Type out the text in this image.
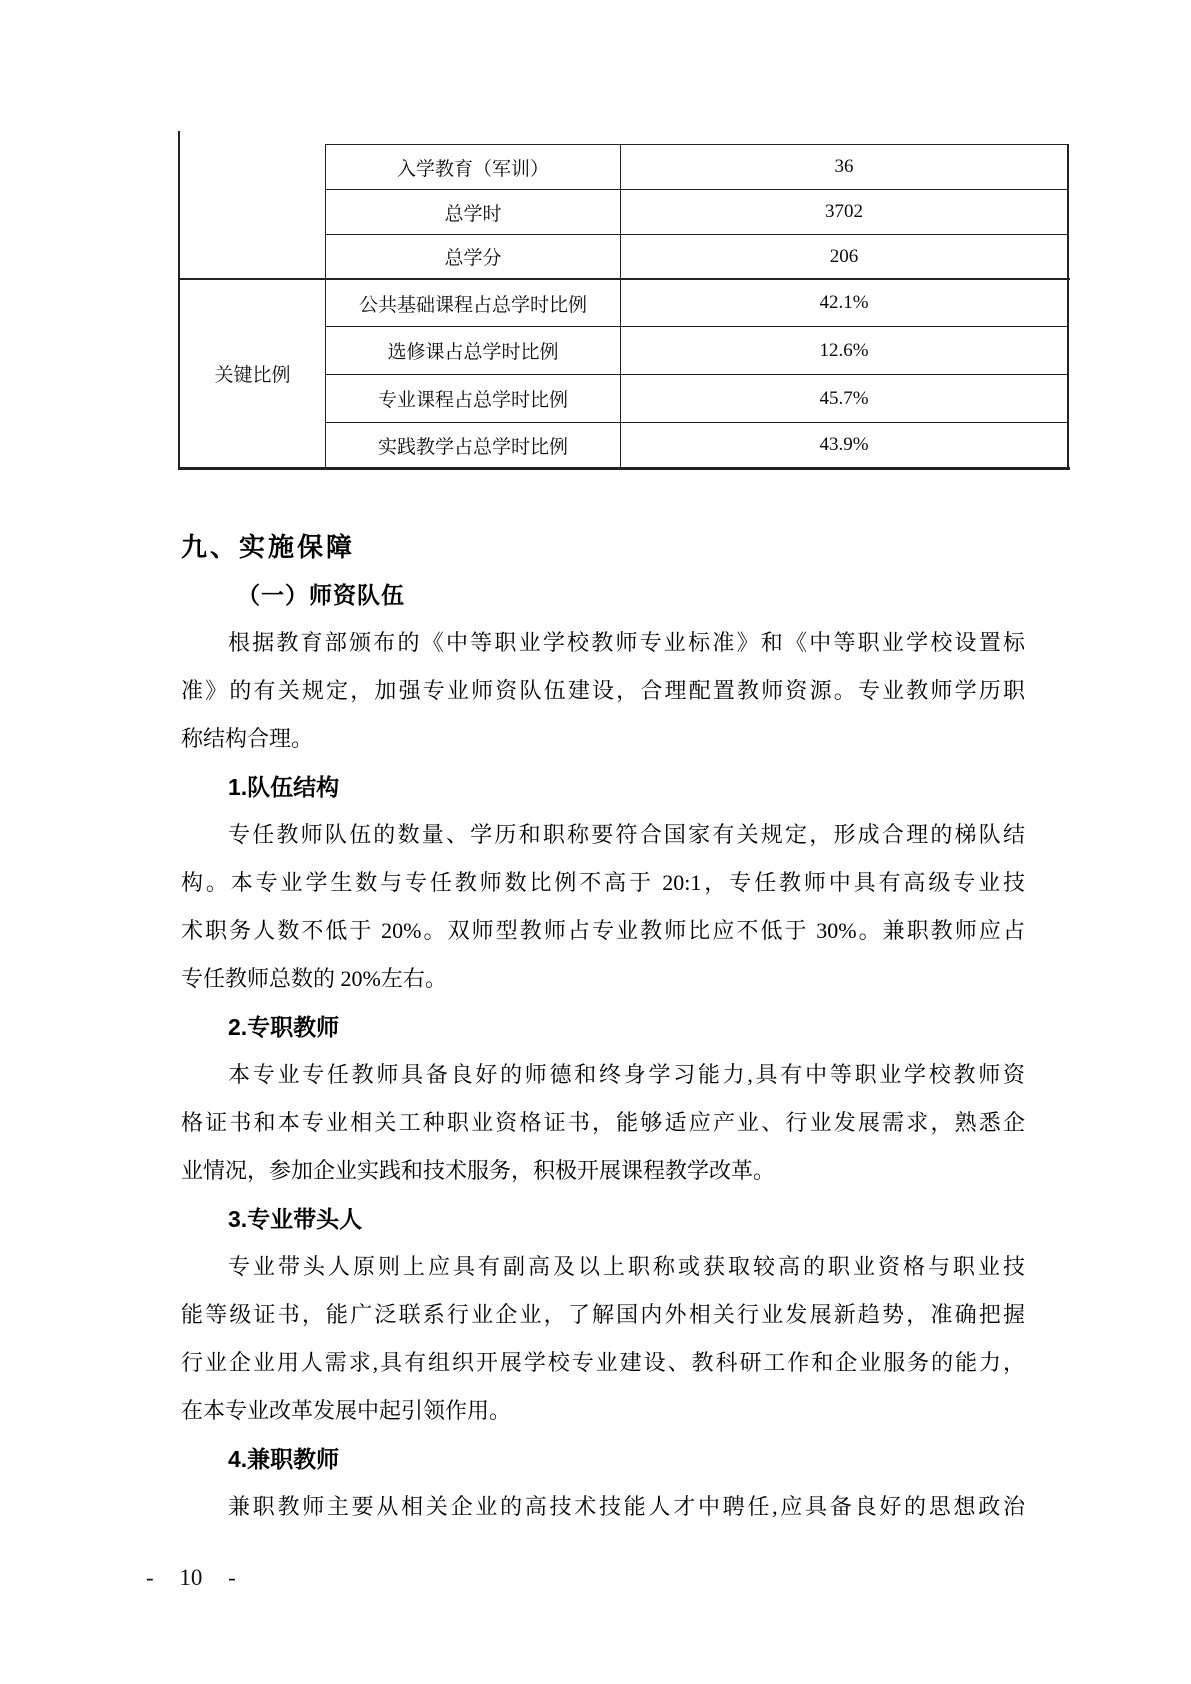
关键比例
入学教育（军训）	36
总学时	3702
总学分	206
公共基础课程占总学时比例	42.1%
选修课占总学时比例	12.6%
专业课程占总学时比例	45.7%
实践教学占总学时比例	43.9%
九、实施保障
（一）师资队伍
根据教育部颁布的《中等职业学校教师专业标准》和《中等职业学校设置标
准》的有关规定，加强专业师资队伍建设，合理配置教师资源。专业教师学历职
称结构合理。
1.队伍结构
专任教师队伍的数量、学历和职称要符合国家有关规定，形成合理的梯队结
构。本专业学生数与专任教师数比例不高于 20:1，专任教师中具有高级专业技
术职务人数不低于 20%。双师型教师占专业教师比应不低于 30%。兼职教师应占
专任教师总数的 20%左右。
2.专职教师
本专业专任教师具备良好的师德和终身学习能力,具有中等职业学校教师资
格证书和本专业相关工种职业资格证书，能够适应产业、行业发展需求，熟悉企
业情况，参加企业实践和技术服务，积极开展课程教学改革。
3.专业带头人
专业带头人原则上应具有副高及以上职称或获取较高的职业资格与职业技
能等级证书，能广泛联系行业企业，了解国内外相关行业发展新趋势，准确把握
行业企业用人需求,具有组织开展学校专业建设、教科研工作和企业服务的能力，
在本专业改革发展中起引领作用。
4.兼职教师
兼职教师主要从相关企业的高技术技能人才中聘任,应具备良好的思想政治
- 10 -
